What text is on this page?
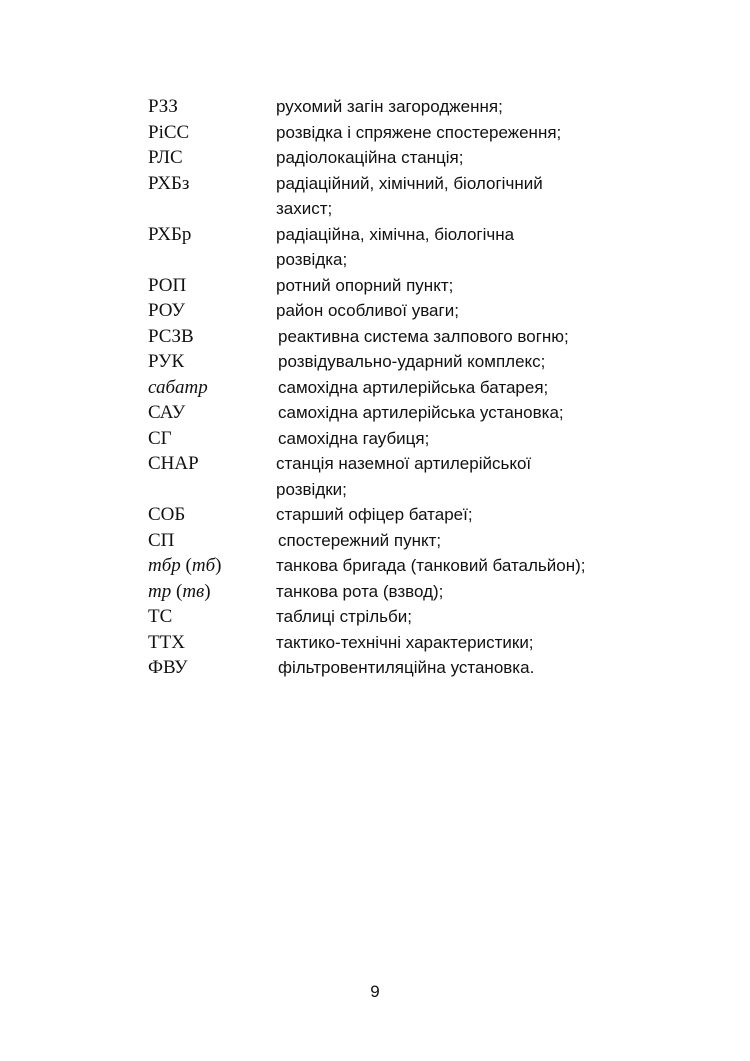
РЗЗ	рухомий загін загородження;
РіСС	розвідка і спряжене спостереження;
РЛС	радіолокаційна станція;
РХБз	радіаційний, хімічний, біологічний
захист;
РХБр	радіаційна, хімічна, біологічна
розвідка;
РОП	ротний опорний пункт;
РОУ	район особливої уваги;
РСЗВ	реактивна система залпового вогню;
РУК	розвідувально-ударний комплекс;
сабатр	самохідна артилерійська батарея;
САУ	самохідна артилерійська установка;
СГ	самохідна гаубиця;
СНАР	станція наземної артилерійської
розвідки;
СОБ	старший офіцер батареї;
СП	спостережний пункт;
тбр (тб)	танкова бригада (танковий батальйон);
тр (тв)	танкова рота (взвод);
ТС	таблиці стрільби;
ТТХ	тактико-технічні характеристики;
ФВУ	фільтровентиляційна установка.
9
